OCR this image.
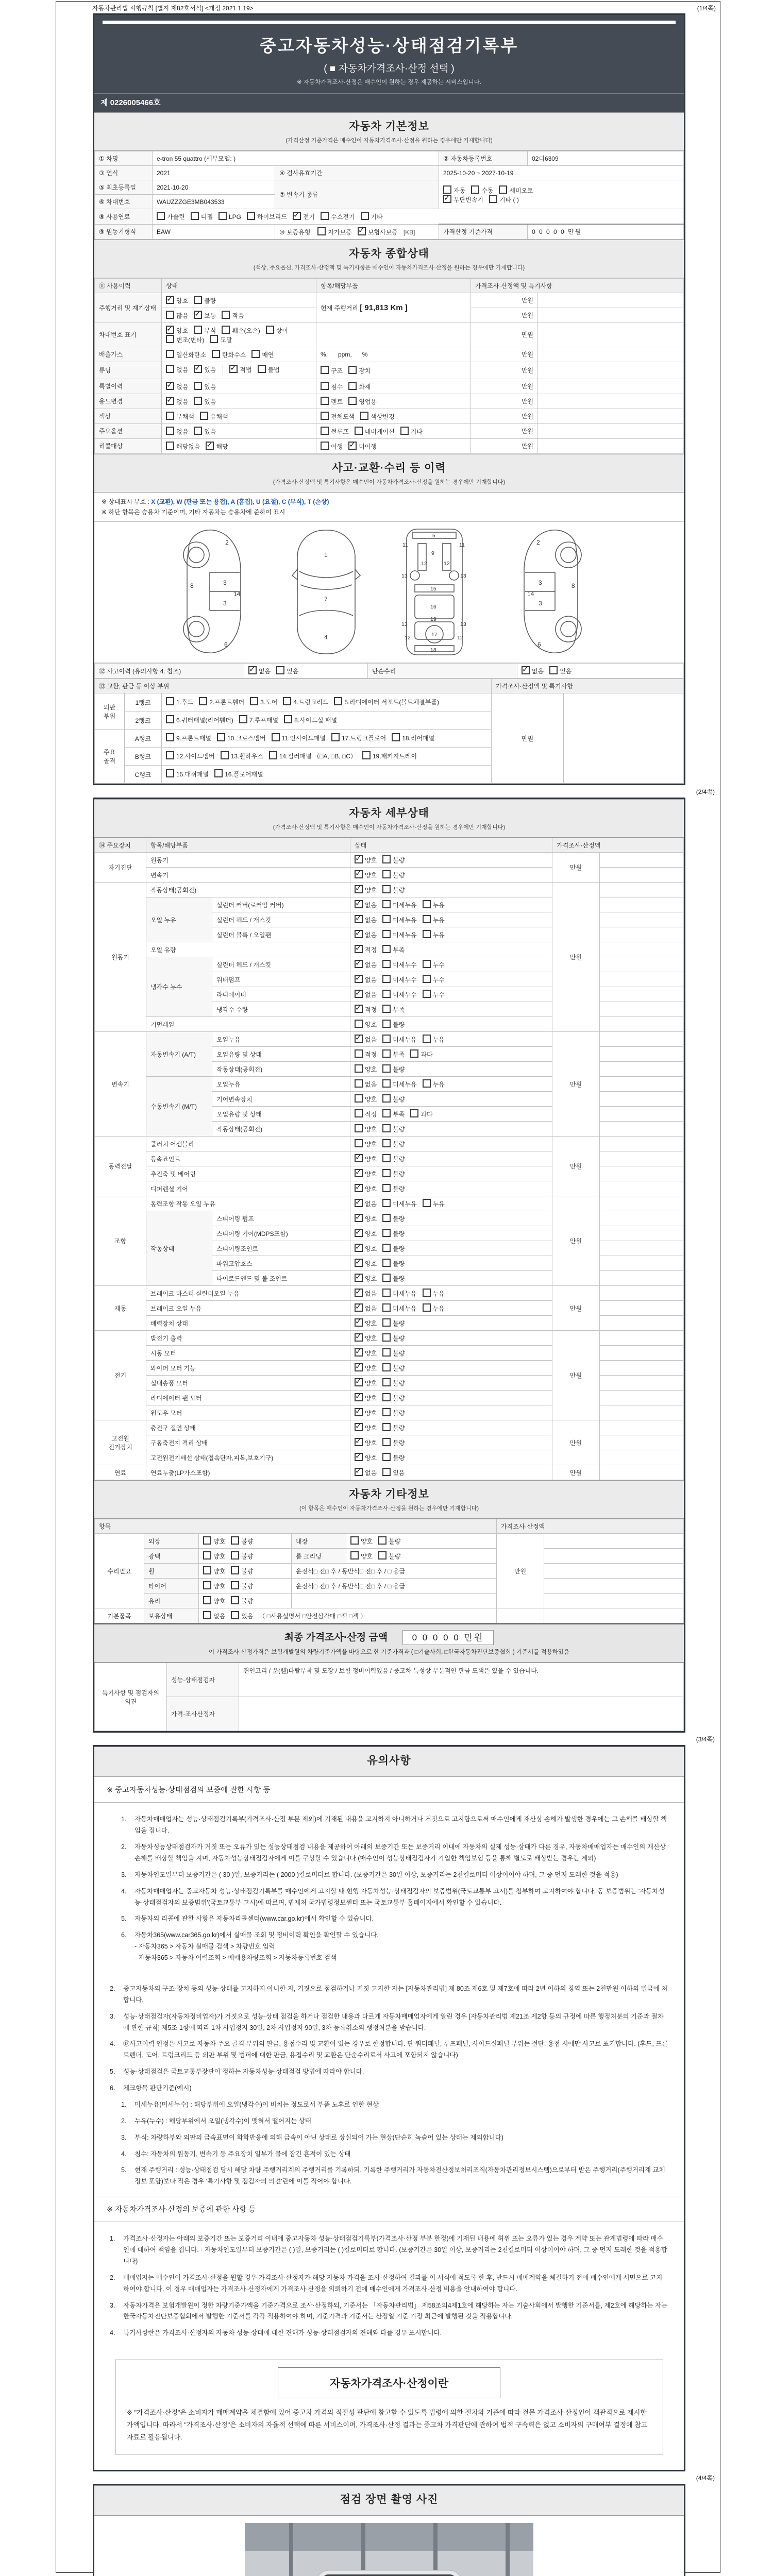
자동차관리법 시행규칙 [별지 제82호서식] <개정 2021.1.19>	(1/4쪽)
중고자동차성능·상태점검기록부
( ■ 자동차가격조사·산정 선택 )
※ 자동차가격조사·산정은 매수인이 원하는 경우 제공하는 서비스입니다.
제 0226005466호
자동차 기본정보
(가격산정 기준가격은 매수인이 자동차가격조사·산정을 원하는 경우에만 기재합니다)
① 차명	e-tron 55 quattro (세부모델: )		② 자동차등록번호	02더6309
③ 연식	2021	④ 검사유효기간	2025-10-20 ~ 2027-10-19	
⑤ 최초등록일	2021-10-20	⑦ 변속기 종류	자동 수동 세미오토
✓무단변속기 기타 ( )
⑥ 차대번호	WAUZZZGE3MB043533			
⑧ 사용연료	가솔린 디젤 LPG 하이브리드 ✓ 전기 수소전기 기타
⑨ 원동기형식	EAW	⑩ 보증유형 자가보증 ✓ 보험사보증 [KB]	가격산정 기준가격	0 0 0 0 0 만원
자동차 종합상태
(색상, 주요옵션, 가격조사·산정액 및 특기사항은 매수인이 자동차가격조사·산정을 원하는 경우에만 기재합니다)
⑪ 사용이력	상태	항목/해당부품	가격조사·산정액 및 특기사항	
주행거리 및 계기상태	✓양호 불량	현재 주행거리 [ 91,813 Km ]	만원	
	많음 ✓ 보통 적음		만원	
차대번호 표기	✓양호 부식 훼손(오손) 상이변조(변타) 도말		만원	
배출가스	일산화탄소 탄화수소 매연	%,      ppm,      %	만원	
튜닝	없음 ✓ 있음 ✓ 적법 불법	구조 장치	만원	
특별이력	✓없음 있음	침수 화재	만원	
용도변경	✓없음 있음	렌트 영업용	만원	
색상	무채색 유채색	전체도색 색상변경	만원	
주요옵션	없음 있음	썬루프 네비게이션 기타	만원	
리콜대상	해당없음 ✓ 해당	이행 ✓ 미이행	만원	
사고·교환·수리 등 이력
(가격조사·산정액 및 특기사항은 매수인이 자동차가격조사·산정을 원하는 경우에만 기재합니다)
※ 상태표시 부호 : X (교환), W (판금 또는 용접), A (흠집), U (요철), C (부식), T (손상)
※ 하단 항목은 승용차 기준이며, 기타 자동차는 승용차에 준하여 표시
2
8	3
3
14
6
1
7
4
5
11	11
9
13	13
12	12
15
16
19
13	13
12	12
17
18
2
8
3
3
14
6
⑫ 사고이력 (유의사항 4. 참조)	✓없음	있음	단순수리	✓없음	있음
⑬ 교환, 판금 등 이상 부위			가격조사·산정액 및 특기사항	
외판
부위	1랭크	1.후드 2.프론트휀더 3.도어 4.트렁크리드 5.라디에이터 서포트(볼트체결부품)	만원	
	2랭크	6.쿼터패널(리어휀더) 7.루프패널 8.사이드실 패널		
주요
골격	A랭크	9.프론트패널 10.크로스멤버 11.인사이드패널 17.트렁크플로어 18.리어패널		
	B랭크	12.사이드멤버 13.휠하우스 14.필러패널 （□A, □B, □C） 19.패키지트레이		
	C랭크	15.대쉬패널 16.플로어패널		
(2/4쪽)
자동차 세부상태
(가격조사·산정액 및 특기사항은 매수인이 자동차가격조사·산정을 원하는 경우에만 기재합니다)
⑭ 주요장치	항목/해당부품		상태	가격조사·산정액	
자기진단	원동기	✓양호 불량	만원	
	변속기	✓양호 불량	
원동기	작동상태(공회전)	✓양호 불량	만원	
	오일 누유	실린더 커버(로커암 커버)	✓없음 미세누유 누유	
		실린더 헤드 / 개스킷	✓없음 미세누유 누유	
		실린더 블록 / 오일팬	✓없음 미세누유 누유	
	오일 유량	✓적정 부족	
	냉각수 누수	실린더 헤드 / 개스킷	✓없음 미세누수 누수	
		워터펌프	✓없음 미세누수 누수	
		라디에이터	✓없음 미세누수 누수	
		냉각수 수량	✓적정 부족	
	커먼레일		양호 불량		
변속기	자동변속기 (A/T)	오일누유	✓없음 미세누유 누유	만원	
		오일유량 및 상태	적정 부족 과다		
		작동상태(공회전)	양호 불량		
	수동변속기 (M/T)	오일누유	없음 미세누유 누유		
		기어변속장치	양호 불량		
		오일유량 및 상태	적정 부족 과다		
		작동상태(공회전)	양호 불량		
동력전달	클러치 어셈블리		양호 불량	만원	
	등속죠인트	✓양호 불량	
	추진축 및 베어링	✓양호 불량	
	디퍼렌셜 기어	✓양호 불량	
조향	동력조향 작동 오일 누유	✓없음 미세누유 누유	만원	
	작동상태	스티어링 펌프	✓양호 불량	
		스티어링 기어(MDPS포함)	✓양호 불량	
		스티어링조인트	✓양호 불량	
		파워고압호스	✓양호 불량	
		타이로드엔드 및 볼 조인트	✓양호 불량	
제동	브레이크 마스터 실린더오일 누유	✓없음 미세누유 누유	만원	
	브레이크 오일 누유	✓없음 미세누유 누유	
	배력장치 상태	✓양호 불량	
전기	발전기 출력	✓양호 불량	만원	
	시동 모터	✓양호 불량	
	와이퍼 모터 기능	✓양호 불량	
	실내송풍 모터	✓양호 불량	
	라디에이터 팬 모터	✓양호 불량	
	윈도우 모터	✓양호 불량	
고전원 전기장치	충전구 절연 상태	✓양호 불량	만원	
	구동축전지 격리 상태	✓양호 불량	
	고전원전기배선 상태(접속단자,피복,보호기구)	✓양호 불량	
연료	연료누출(LP가스포함)	✓없음 있음	만원	
자동차 기타정보
(이 항목은 매수인이 자동차가격조사·산정을 원하는 경우에만 기재합니다)
항목					가격조사·산정액	
수리필요	외장	양호 불량	내장	양호 불량	만원	
	광택	양호 불량	룸 크리닝	양호 불량		
	휠	양호 불량	운전석□ 전□ 후 / 동반석□ 전□ 후 / □ 응급			
	타이어	양호 불량	운전석□ 전□ 후 / 동반석□ 전□ 후 / □ 응급			
	유리	양호 불량				
기본품목	보유상태	없음 있음 （ □사용설명서 □안전삼각대 □잭 □잭 ）				
최종 가격조사·산정 금액	0 0 0 0 0 만원
이 가격조사·산정가격은 보험개발원의 차량기준가액을 바탕으로 한 기준가격과 ( □기술사회, □한국자동차진단보증협회 ) 기준서를 적용하였음
특기사항 및 점검자의 의견	성능·상태점검자	견인고리 / 운(휀)다탈부착 및 도장 / 보험 정비이력있음 / 중고차 특성상 부분적인 판금 도색은 있을 수 있습니다.
	가격·조사산정자	
(3/4쪽)
유의사항
※ 중고자동차성능·상태점검의 보증에 관한 사항 등
1.	자동차매매업자는 성능·상태점검기록부(가격조사·산정 부분 제외)에 기재된 내용을 고지하지 아니하거나 거짓으로 고지함으로써 매수인에게 재산상 손해가 발생한 경우에는 그 손해를 배상할 책임을 집니다.
2.	자동차성능상태점검자가 거짓 또는 오류가 있는 성능상태점검 내용을 제공하여 아래의 보증기간 또는 보증거리 이내에 자동차의 실제 성능·상태가 다른 경우, 자동차매매업자는 매수인의 재산상 손해를 배상할 책임을 지며, 자동차성능상태점검자에게 이를 구상할 수 있습니다.(매수인이 성능상태점검자가 가입한 책임보험 등을 통해 별도로 배상받는 경우는 제외)
3.	자동차인도일부터 보증기간은 ( 30 )일, 보증거리는 ( 2000 )킬로미터로 합니다. (보증기간은 30일 이상, 보증거리는 2천킬로미터 이상이어야 하며, 그 중 먼저 도래한 것을 적용)
4.	자동차매매업자는 중고자동차 성능·상태점검기록부를 매수인에게 고지할 때 현행 자동차성능·상태점검자의 보증범위(국토교통부 고시)를 첨부하여 고지하여야 합니다. 동 보증범위는 '자동차성능·상태점검자의 보증범위'(국토교통부 고시)에 따르며, 법제처 국가법령정보센터 또는 국토교통부 홈페이지에서 확인할 수 있습니다.
5.	자동차의 리콜에 관한 사항은 자동차리콜센터(www.car.go.kr)에서 확인할 수 있습니다.
6.	자동차365(www.car365.go.kr)에서 실매물 조회 및 정비이력 확인을 확인할 수 있습니다.
- 자동차365 > 자동차 실매물 검색 > 차량번호 입력
- 자동차365 > 자동차 이력조회 > 매매용차량조회 > 자동차등록번호 검색
2.	중고자동차의 구조·장치 등의 성능·상태를 고지하지 아니한 자, 거짓으로 점검하거나 거짓 고지한 자는 [자동차관리법] 제 80조 제6호 및 제7호에 따라 2년 이하의 징역 또는 2천만원 이하의 벌금에 처합니다.
3.	성능·상태점검자(자동차정비업자)가 거짓으로 성능·상태 점검을 하거나 점검한 내용과 다르게 자동차매매업자에게 알린 경우 [자동차관리법 제21조 제2항 등의 규정에 따른 행정처분의 기준과 절차에 관한 규칙] 제5조 1항에 따라 1차 사업정지 30일, 2차 사업정지 90일, 3차 등록취소의 행정처분을 받습니다.
4.	⑫사고이력 인정은 사고로 자동차 주요 골격 부위의 판금, 용접수리 및 교환이 있는 경우로 한정합니다. 단 쿼터패널, 루프패널, 사이드실패널 부위는 절단, 용접 시에만 사고로 표기합니다. (후드, 프론트펜더, 도어, 트렁크리드 등 외판 부위 및 범퍼에 대한 판금, 용접수리 및 교환은 단순수리로서 사고에 포함되지 않습니다)
5.	성능·상태점검은 국토교통부장관이 정하는 자동차성능·상태점검 방법에 따라야 합니다.
6.	체크항목 판단기준(예시)
1.	미세누유(미세누수) : 해당부위에 오일(냉각수)이 비치는 정도로서 부품 노후로 인한 현상
2.	누유(누수) : 해당부위에서 오일(냉각수)이 맺혀서 떨어지는 상태
3.	부식: 차량하부와 외판의 금속표면이 화학반응에 의해 금속이 아닌 상태로 상실되어 가는 현상(단순히 녹슬어 있는 상태는 제외합니다)
4.	침수: 자동차의 원동기, 변속기 등 주요장치 일부가 물에 잠긴 흔적이 있는 상태
5.	현재 주행거리 : 성능·상태점검 당시 해당 차량 주행거리계의 주행거리를 기록하되, 기록한 주행거리가 자동차전산정보처리조직(자동차관리정보시스템)으로부터 받은 주행거리(주행거리계 교체 정보 포함)보다 적은 경우 '특기사항 및 점검자의 의견'란에 이를 적어야 합니다.
※ 자동차가격조사·산정의 보증에 관한 사항 등
1.	가격조사·산정자는 아래의 보증기간 또는 보증거리 이내에 중고자동차 성능·상태점검기록부(가격조사·산정 부분 한정)에 기재된 내용에 허위 또는 오류가 있는 경우 계약 또는 관계법령에 따라 매수인에 대하여 책임을 집니다. · 자동차인도일부터 보증기간은 ( )일, 보증거리는 ( )킬로미터로 합니다. (보증기간은 30일 이상, 보증거리는 2천킬로미터 이상이어야 하며, 그 중 먼저 도래한 것을 적용합니다)
2.	매매업자는 매수인이 가격조사·산정을 원할 경우 가격조사·산정자가 해당 자동차 가격을 조사·산정하여 결과를 이 서식에 적도록 한 후, 반드시 매매계약을 체결하기 전에 매수인에게 서면으로 고지하여야 합니다. 이 경우 매매업자는 가격조사·산정자에게 가격조사·산정을 의뢰하기 전에 매수인에게 가격조사·산정 비용을 안내하여야 합니다.
3.	자동차가격은 보험개발원이 정한 차량기준가액을 기준가격으로 조사·산정하되, 기준서는 「자동차관리법」 제58조의4제1호에 해당하는 자는 기술사회에서 발행한 기준서를, 제2호에 해당하는 자는 한국자동차진단보증협회에서 발행한 기준서를 각각 적용하여야 하며, 기준가격과 기준서는 산정일 기준 가장 최근에 발행된 것을 적용합니다.
4.	특기사항란은 가격조사·산정자의 자동차 성능·상태에 대한 견해가 성능·상태점검자의 견해와 다를 경우 표시합니다.
자동차가격조사·산정이란
※ "가격조사·산정"은 소비자가 매매계약을 체결함에 있어 중고차 가격의 적절성 판단에 참고할 수 있도록 법령에 의한 절차와 기준에 따라 전문 가격조사·산정인이 객관적으로 제시한 가액입니다. 따라서 "가격조사·산정"은 소비자의 자율적 선택에 따른 서비스이며, 가격조사·산정 결과는 중고차 가격판단에 관하여 법적 구속력은 없고 소비자의 구매여부 결정에 참고자료로 활용됩니다.
(4/4쪽)
점검 장면 촬영 사진
